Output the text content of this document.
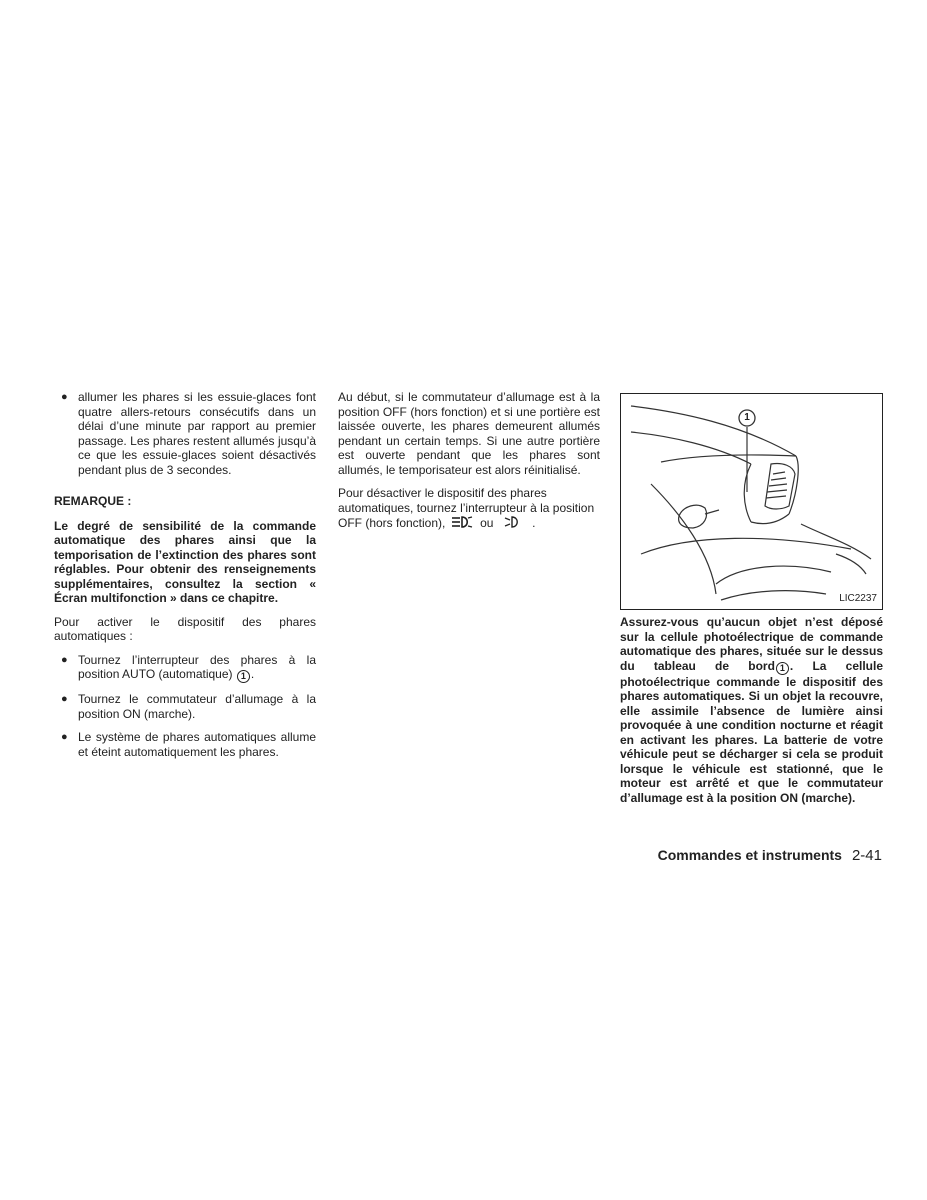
● allumer les phares si les essuie-glaces font quatre allers-retours consécutifs dans un délai d’une minute par rapport au premier passage. Les phares restent allumés jusqu’à ce que les essuie-glaces soient désactivés pendant plus de 3 secondes.
REMARQUE :

Le degré de sensibilité de la commande automatique des phares ainsi que la temporisation de l’extinction des phares sont réglables. Pour obtenir des renseignements supplémentaires, consultez la section « Écran multifonction » dans ce chapitre.

Pour activer le dispositif des phares automatiques :

● Tournez l’interrupteur des phares à la position AUTO (automatique) 1 .
● Tournez le commutateur d’allumage à la position ON (marche).
● Le système de phares automatiques allume et éteint automatiquement les phares.

Au début, si le commutateur d’allumage est à la position OFF (hors fonction) et si une portière est laissée ouverte, les phares demeurent allumés pendant un certain temps. Si une autre portière est ouverte pendant que les phares sont allumés, le temporisateur est alors réinitialisé.

Pour désactiver le dispositif des phares automatiques, tournez l’interrupteur à la position OFF (hors fonction),	ou	.

1
LIC2237

Assurez-vous qu’aucun objet n’est déposé sur la cellule photoélectrique de commande automatique des phares, située sur le dessus du tableau de bord 1 . La cellule photoélectrique commande le dispositif des phares automatiques. Si un objet la recouvre, elle assimile l’absence de lumière ainsi provoquée à une condition nocturne et réagit en activant les phares. La batterie de votre véhicule peut se décharger si cela se produit lorsque le véhicule est stationné, que le moteur est arrêté et que le commutateur d’allumage est à la position ON (marche).

Commandes et instruments 2-41
